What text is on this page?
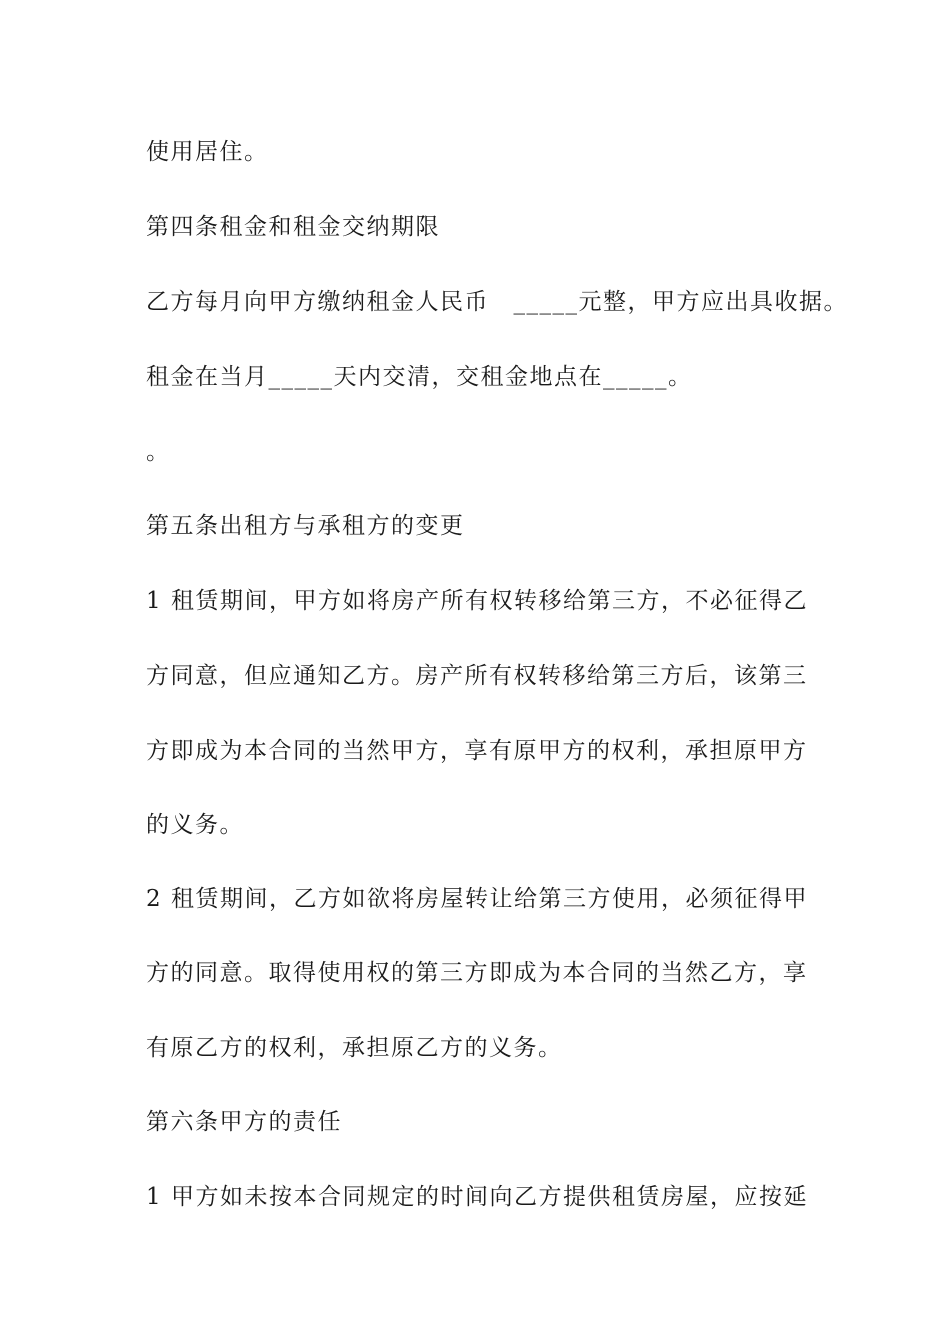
使用居住。
第四条租金和租金交纳期限
乙方每月向甲方缴纳租金人民币　_____元整，甲方应出具收据。
租金在当月_____天内交清，交租金地点在_____。
。
第五条出租方与承租方的变更
1 租赁期间，甲方如将房产所有权转移给第三方，不必征得乙
方同意，但应通知乙方。房产所有权转移给第三方后，该第三
方即成为本合同的当然甲方，享有原甲方的权利，承担原甲方
的义务。
2 租赁期间，乙方如欲将房屋转让给第三方使用，必须征得甲
方的同意。取得使用权的第三方即成为本合同的当然乙方，享
有原乙方的权利，承担原乙方的义务。
第六条甲方的责任
1 甲方如未按本合同规定的时间向乙方提供租赁房屋，应按延
